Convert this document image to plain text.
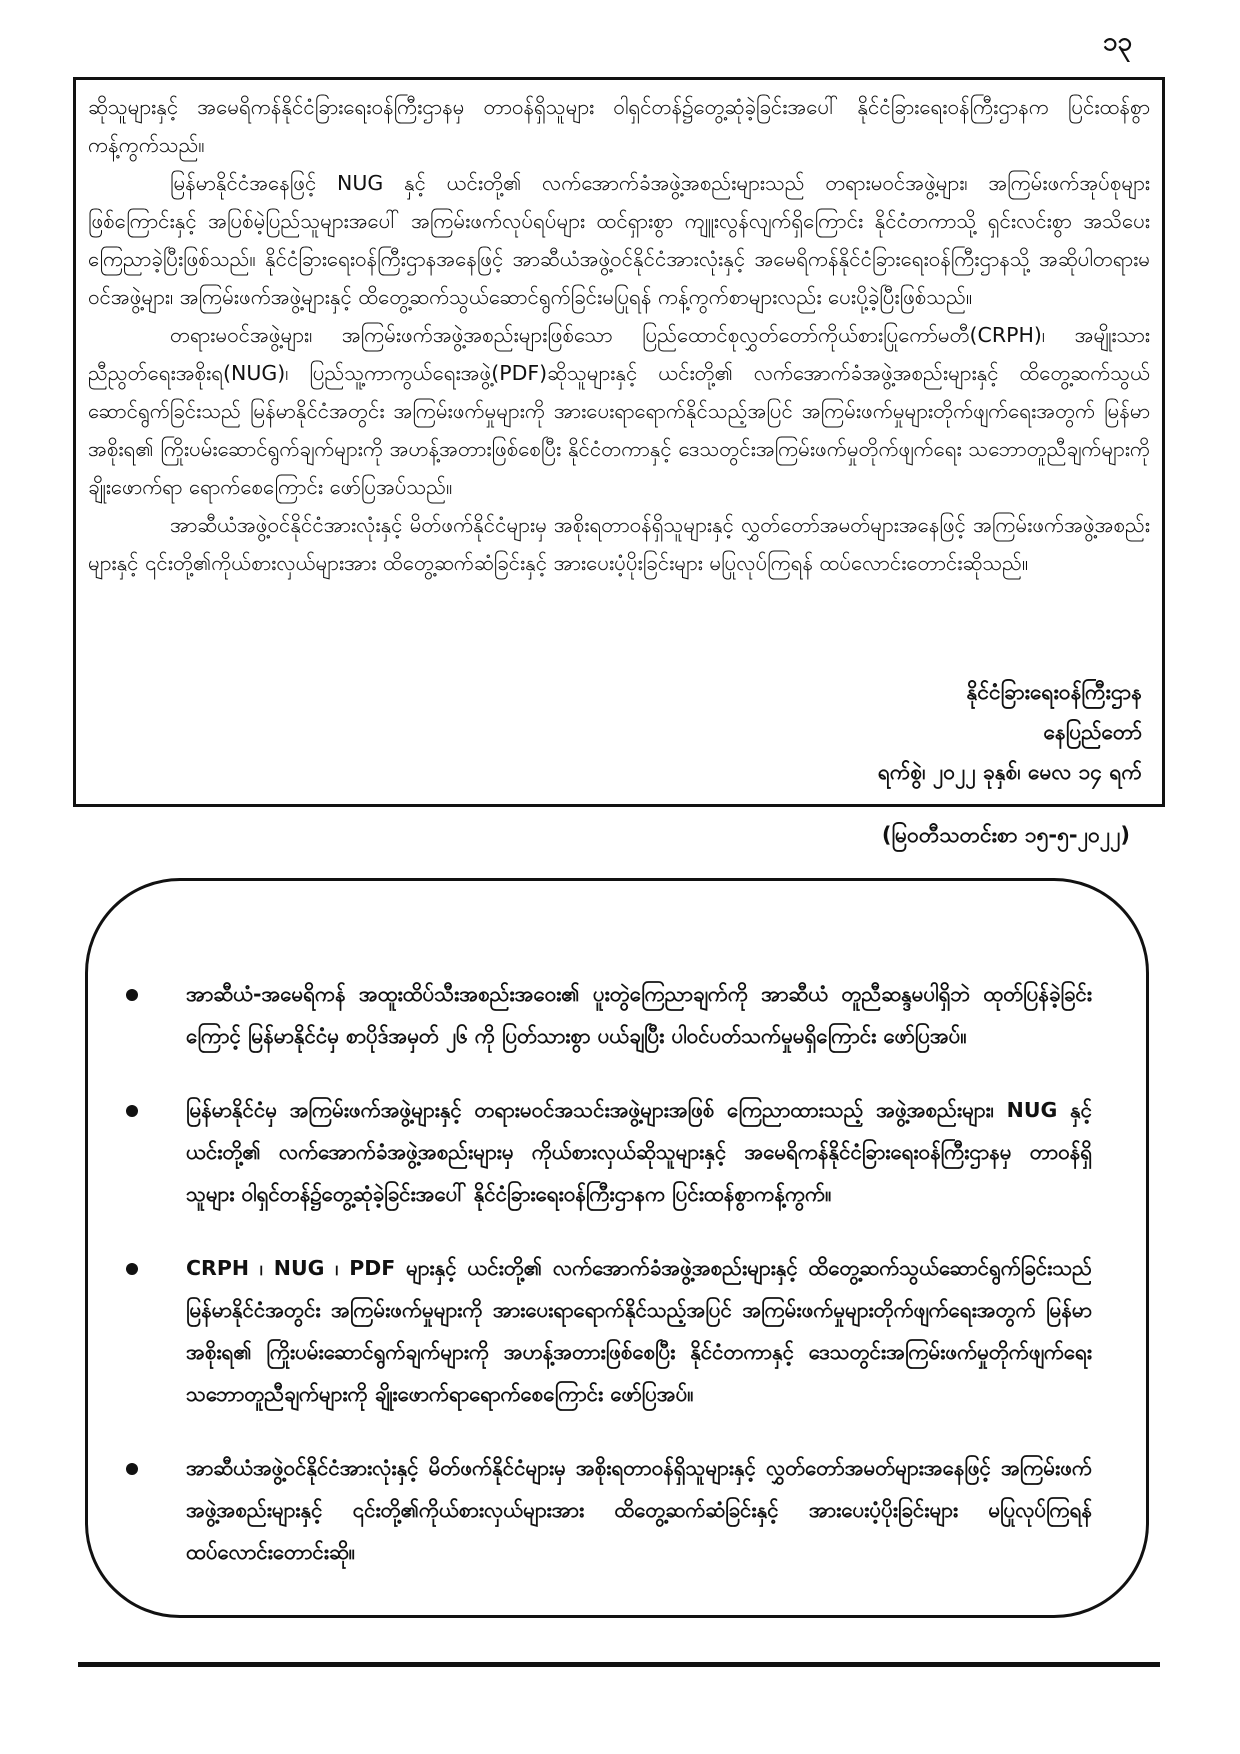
၁၃

ဆိုသူများနှင့် အမေရိကန်နိုင်ငံခြားရေးဝန်ကြီးဌာနမှ တာဝန်ရှိသူများ ဝါရှင်တန်၌တွေ့ဆုံခဲ့ခြင်းအပေါ် နိုင်ငံခြားရေးဝန်ကြီးဌာနက ပြင်းထန်စွာ ကန့်ကွက်သည်။

မြန်မာနိုင်ငံအနေဖြင့် NUG နှင့် ယင်းတို့၏ လက်အောက်ခံအဖွဲ့အစည်းများသည် တရားမဝင်အဖွဲ့များ၊ အကြမ်းဖက်အုပ်စုများဖြစ်ကြောင်းနှင့် အပြစ်မဲ့ပြည်သူများအပေါ် အကြမ်းဖက်လုပ်ရပ်များ ထင်ရှားစွာ ကျူးလွန်လျက်ရှိကြောင်း နိုင်ငံတကာသို့ ရှင်းလင်းစွာ အသိပေးကြေညာခဲ့ပြီးဖြစ်သည်။ နိုင်ငံခြားရေးဝန်ကြီးဌာနအနေဖြင့် အာဆီယံအဖွဲ့ဝင်နိုင်ငံအားလုံးနှင့် အမေရိကန်နိုင်ငံခြားရေးဝန်ကြီးဌာနသို့ အဆိုပါတရားမဝင်အဖွဲ့များ၊ အကြမ်းဖက်အဖွဲ့များနှင့် ထိတွေ့ဆက်သွယ်ဆောင်ရွက်ခြင်းမပြုရန် ကန့်ကွက်စာများလည်း ပေးပို့ခဲ့ပြီးဖြစ်သည်။

တရားမဝင်အဖွဲ့များ၊ အကြမ်းဖက်အဖွဲ့အစည်းများဖြစ်သော ပြည်ထောင်စုလွှတ်တော်ကိုယ်စားပြုကော်မတီ(CRPH)၊ အမျိုးသားညီညွတ်ရေးအစိုးရ(NUG)၊ ပြည်သူ့ကာကွယ်ရေးအဖွဲ့(PDF)ဆိုသူများနှင့် ယင်းတို့၏ လက်အောက်ခံအဖွဲ့အစည်းများနှင့် ထိတွေ့ဆက်သွယ်ဆောင်ရွက်ခြင်းသည် မြန်မာနိုင်ငံအတွင်း အကြမ်းဖက်မှုများကို အားပေးရာရောက်နိုင်သည့်အပြင် အကြမ်းဖက်မှုများတိုက်ဖျက်ရေးအတွက် မြန်မာအစိုးရ၏ ကြိုးပမ်းဆောင်ရွက်ချက်များကို အဟန့်အတားဖြစ်စေပြီး နိုင်ငံတကာနှင့် ဒေသတွင်းအကြမ်းဖက်မှုတိုက်ဖျက်ရေး သဘောတူညီချက်များကို ချိုးဖောက်ရာ ရောက်စေကြောင်း ဖော်ပြအပ်သည်။

အာဆီယံအဖွဲ့ဝင်နိုင်ငံအားလုံးနှင့် မိတ်ဖက်နိုင်ငံများမှ အစိုးရတာဝန်ရှိသူများနှင့် လွှတ်တော်အမတ်များအနေဖြင့် အကြမ်းဖက်အဖွဲ့အစည်းများနှင့် ၎င်းတို့၏ကိုယ်စားလှယ်များအား ထိတွေ့ဆက်ဆံခြင်းနှင့် အားပေးပံ့ပိုးခြင်းများ မပြုလုပ်ကြရန် ထပ်လောင်းတောင်းဆိုသည်။

နိုင်ငံခြားရေးဝန်ကြီးဌာန
နေပြည်တော်
ရက်စွဲ၊ ၂၀၂၂ ခုနှစ်၊ မေလ ၁၄ ရက်
(မြဝတီသတင်းစာ ၁၅-၅-၂၀၂၂)
အာဆီယံ-အမေရိကန် အထူးထိပ်သီးအစည်းအဝေး၏ ပူးတွဲကြေညာချက်ကို အာဆီယံ တူညီဆန္ဒမပါရှိဘဲ ထုတ်ပြန်ခဲ့ခြင်းကြောင့် မြန်မာနိုင်ငံမှ စာပိုဒ်အမှတ် ၂၆ ကို ပြတ်သားစွာ ပယ်ချပြီး ပါဝင်ပတ်သက်မှုမရှိကြောင်း ဖော်ပြအပ်။
မြန်မာနိုင်ငံမှ အကြမ်းဖက်အဖွဲ့များနှင့် တရားမဝင်အသင်းအဖွဲ့များအဖြစ် ကြေညာထားသည့် အဖွဲ့အစည်းများ၊ NUG နှင့် ယင်းတို့၏ လက်အောက်ခံအဖွဲ့အစည်းများမှ ကိုယ်စားလှယ်ဆိုသူများနှင့် အမေရိကန်နိုင်ငံခြားရေးဝန်ကြီးဌာနမှ တာဝန်ရှိသူများ ဝါရှင်တန်၌တွေ့ဆုံခဲ့ခြင်းအပေါ် နိုင်ငံခြားရေးဝန်ကြီးဌာနက ပြင်းထန်စွာကန့်ကွက်။
CRPH ၊ NUG ၊ PDF များနှင့် ယင်းတို့၏ လက်အောက်ခံအဖွဲ့အစည်းများနှင့် ထိတွေ့ဆက်သွယ်ဆောင်ရွက်ခြင်းသည် မြန်မာနိုင်ငံအတွင်း အကြမ်းဖက်မှုများကို အားပေးရာရောက်နိုင်သည့်အပြင် အကြမ်းဖက်မှုများတိုက်ဖျက်ရေးအတွက် မြန်မာအစိုးရ၏ ကြိုးပမ်းဆောင်ရွက်ချက်များကို အဟန့်အတားဖြစ်စေပြီး နိုင်ငံတကာနှင့် ဒေသတွင်းအကြမ်းဖက်မှုတိုက်ဖျက်ရေးသဘောတူညီချက်များကို ချိုးဖောက်ရာရောက်စေကြောင်း ဖော်ပြအပ်။
အာဆီယံအဖွဲ့ဝင်နိုင်ငံအားလုံးနှင့် မိတ်ဖက်နိုင်ငံများမှ အစိုးရတာဝန်ရှိသူများနှင့် လွှတ်တော်အမတ်များအနေဖြင့် အကြမ်းဖက်အဖွဲ့အစည်းများနှင့် ၎င်းတို့၏ကိုယ်စားလှယ်များအား ထိတွေ့ဆက်ဆံခြင်းနှင့် အားပေးပံ့ပိုးခြင်းများ မပြုလုပ်ကြရန် ထပ်လောင်းတောင်းဆို။
